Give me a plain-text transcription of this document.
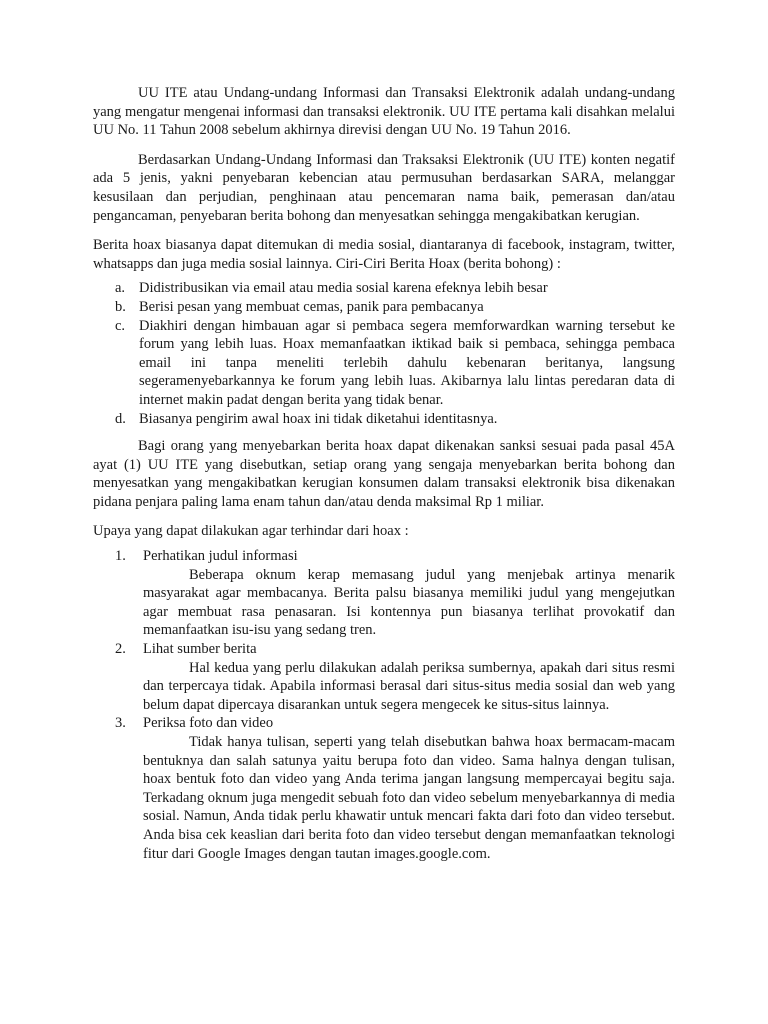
UU ITE atau Undang-undang Informasi dan Transaksi Elektronik adalah undang-undang yang mengatur mengenai informasi dan transaksi elektronik. UU ITE pertama kali disahkan melalui UU No. 11 Tahun 2008 sebelum akhirnya direvisi dengan UU No. 19 Tahun 2016.

Berdasarkan Undang-Undang Informasi dan Traksaksi Elektronik (UU ITE) konten negatif ada 5 jenis, yakni penyebaran kebencian atau permusuhan berdasarkan SARA, melanggar kesusilaan dan perjudian, penghinaan atau pencemaran nama baik, pemerasan dan/atau pengancaman, penyebaran berita bohong dan menyesatkan sehingga mengakibatkan kerugian.

Berita hoax biasanya dapat ditemukan di media sosial, diantaranya di facebook, instagram, twitter, whatsapps dan juga media sosial lainnya. Ciri-Ciri Berita Hoax (berita bohong) :

a. Didistribusikan via email atau media sosial karena efeknya lebih besar
b. Berisi pesan yang membuat cemas, panik para pembacanya
c. Diakhiri dengan himbauan agar si pembaca segera memforwardkan warning tersebut ke forum yang lebih luas. Hoax memanfaatkan iktikad baik si pembaca, sehingga pembaca email ini tanpa meneliti terlebih dahulu kebenaran beritanya, langsung segeramenyebarkannya ke forum yang lebih luas. Akibarnya lalu lintas peredaran data di internet makin padat dengan berita yang tidak benar.
d. Biasanya pengirim awal hoax ini tidak diketahui identitasnya.

Bagi orang yang menyebarkan berita hoax dapat dikenakan sanksi sesuai pada pasal 45A ayat (1) UU ITE yang disebutkan, setiap orang yang sengaja menyebarkan berita bohong dan menyesatkan yang mengakibatkan kerugian konsumen dalam transaksi elektronik bisa dikenakan pidana penjara paling lama enam tahun dan/atau denda maksimal Rp 1 miliar.

Upaya yang dapat dilakukan agar terhindar dari hoax :

1. Perhatikan judul informasi

Beberapa oknum kerap memasang judul yang menjebak artinya menarik masyarakat agar membacanya. Berita palsu biasanya memiliki judul yang mengejutkan agar membuat rasa penasaran. Isi kontennya pun biasanya terlihat provokatif dan memanfaatkan isu-isu yang sedang tren.

2. Lihat sumber berita

Hal kedua yang perlu dilakukan adalah periksa sumbernya, apakah dari situs resmi dan terpercaya tidak. Apabila informasi berasal dari situs-situs media sosial dan web yang belum dapat dipercaya disarankan untuk segera mengecek ke situs-situs lainnya.

3. Periksa foto dan video

Tidak hanya tulisan, seperti yang telah disebutkan bahwa hoax bermacam-macam bentuknya dan salah satunya yaitu berupa foto dan video. Sama halnya dengan tulisan, hoax bentuk foto dan video yang Anda terima jangan langsung mempercayai begitu saja. Terkadang oknum juga mengedit sebuah foto dan video sebelum menyebarkannya di media sosial. Namun, Anda tidak perlu khawatir untuk mencari fakta dari foto dan video tersebut. Anda bisa cek keaslian dari berita foto dan video tersebut dengan memanfaatkan teknologi fitur dari Google Images dengan tautan images.google.com.
